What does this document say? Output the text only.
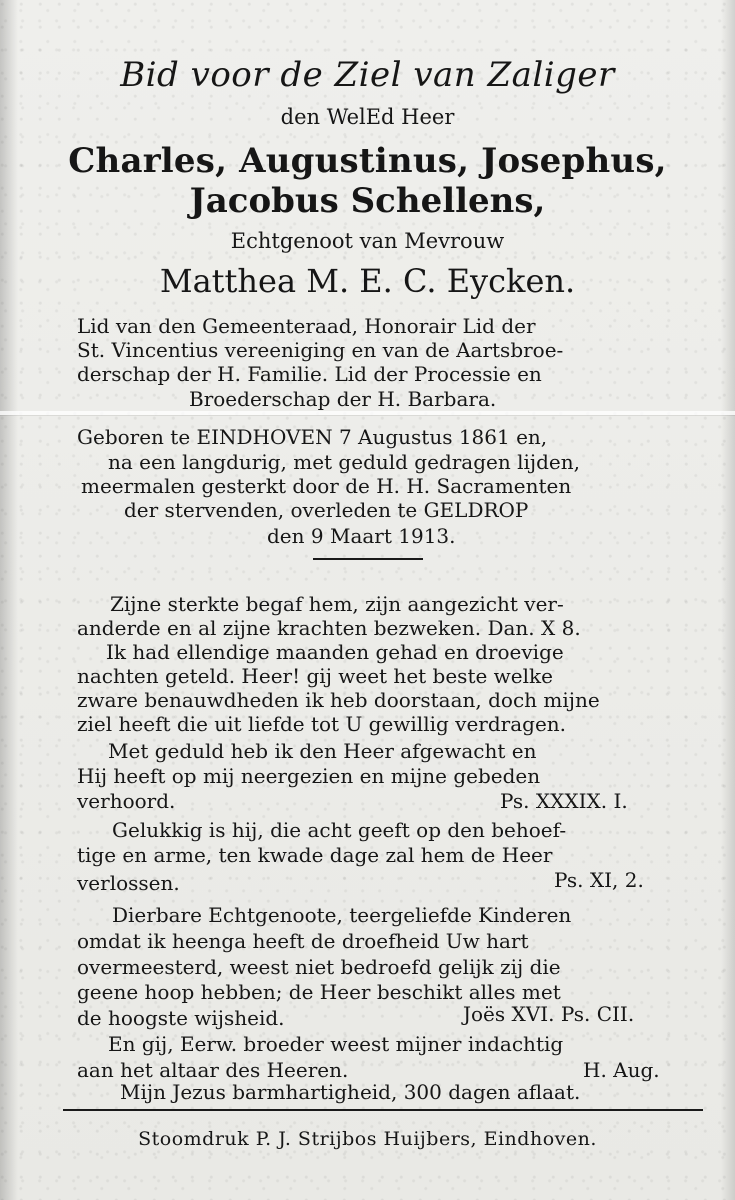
Bid voor de Ziel van Zaliger
den WelEd Heer
Charles, Augustinus, Josephus,
Jacobus Schellens,
Echtgenoot van Mevrouw
Matthea M. E. C. Eycken.
Lid van den Gemeenteraad, Honorair Lid der
St. Vincentius vereeniging en van de Aartsbroe-
derschap der H. Familie. Lid der Processie en
Broederschap der H. Barbara.
Geboren te EINDHOVEN 7 Augustus 1861 en,
na een langdurig, met geduld gedragen lijden,
meermalen gesterkt door de H. H. Sacramenten
der stervenden, overleden te GELDROP
den 9 Maart 1913.
Zijne sterkte begaf hem, zijn aangezicht ver-
anderde en al zijne krachten bezweken. Dan. X 8.
Ik had ellendige maanden gehad en droevige
nachten geteld. Heer! gij weet het beste welke
zware benauwdheden ik heb doorstaan, doch mijne
ziel heeft die uit liefde tot U gewillig verdragen.
Met geduld heb ik den Heer afgewacht en
Hij heeft op mij neergezien en mijne gebeden
verhoord.	Ps. XXXIX. I.
Gelukkig is hij, die acht geeft op den behoef-
tige en arme, ten kwade dage zal hem de Heer
verlossen.	Ps. XI, 2.
Dierbare Echtgenoote, teergeliefde Kinderen
omdat ik heenga heeft de droefheid Uw hart
overmeesterd, weest niet bedroefd gelijk zij die
geene hoop hebben; de Heer beschikt alles met
de hoogste wijsheid.	Joës XVI. Ps. CII.
En gij, Eerw. broeder weest mijner indachtig
aan het altaar des Heeren.	H. Aug.
Mijn Jezus barmhartigheid, 300 dagen aflaat.
Stoomdruk P. J. Strijbos Huijbers, Eindhoven.
